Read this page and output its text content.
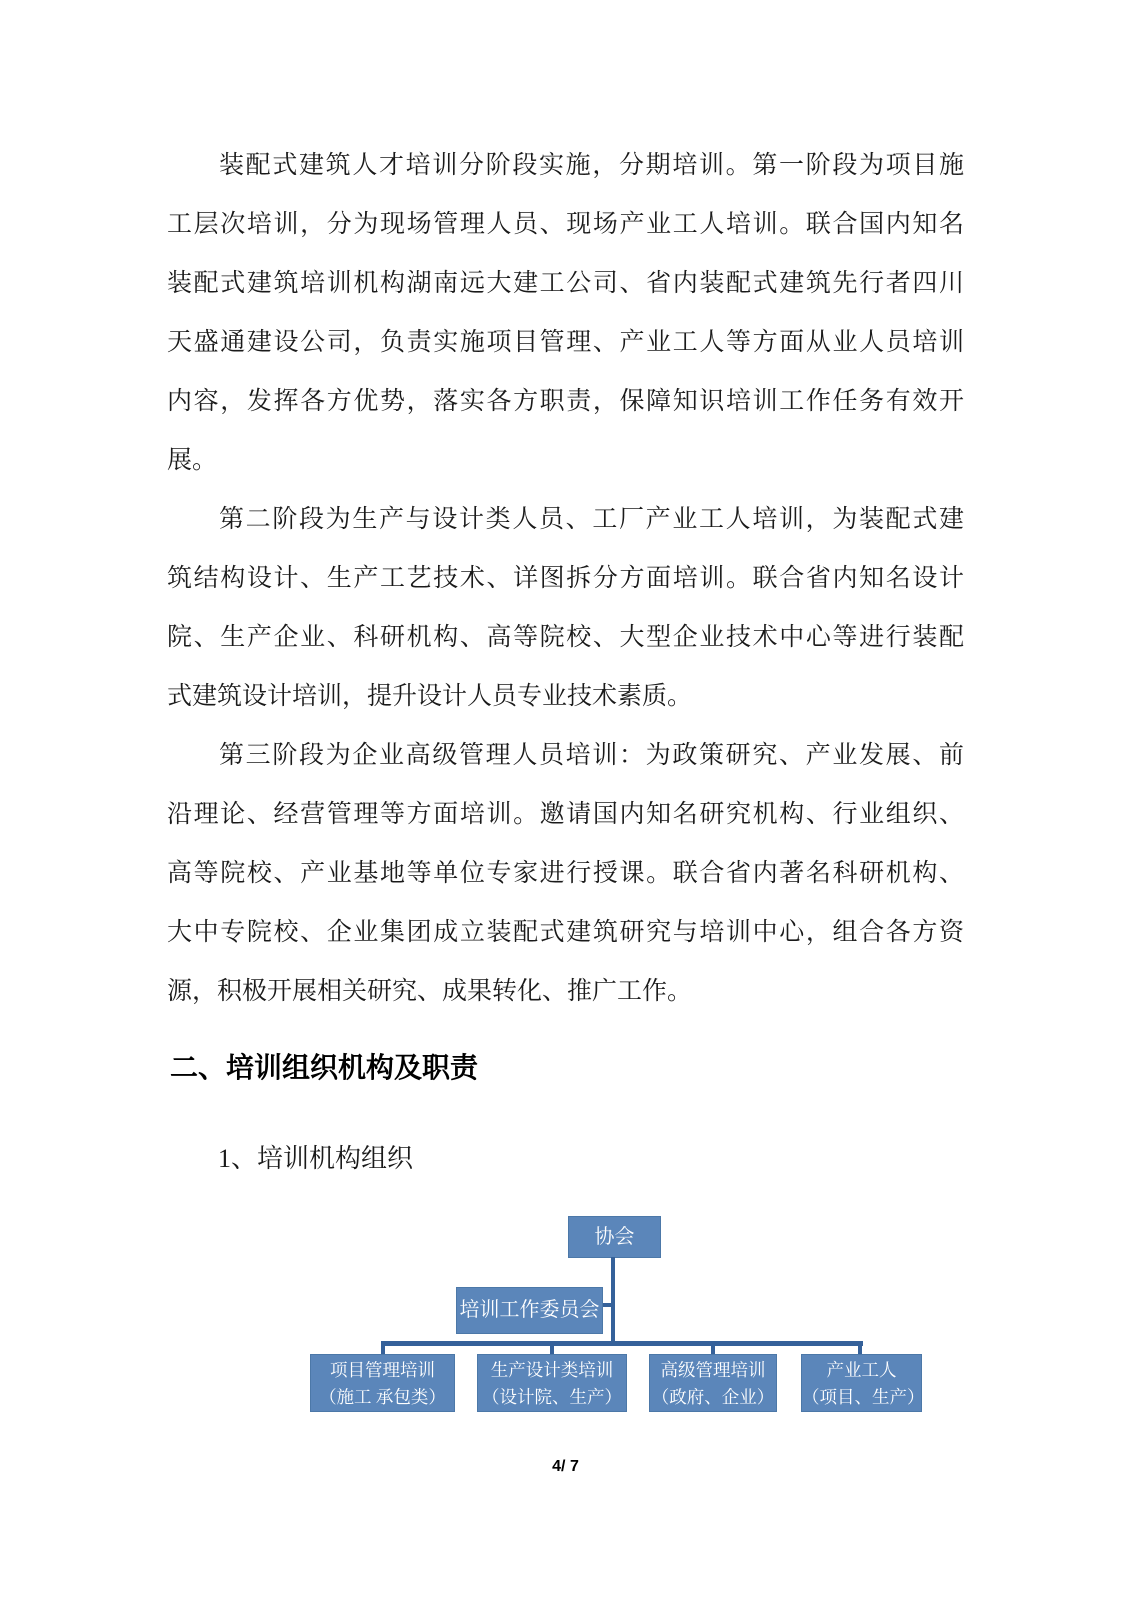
装配式建筑人才培训分阶段实施，分期培训。第一阶段为项目施
工层次培训，分为现场管理人员、现场产业工人培训。联合国内知名
装配式建筑培训机构湖南远大建工公司、省内装配式建筑先行者四川
天盛通建设公司，负责实施项目管理、产业工人等方面从业人员培训
内容，发挥各方优势，落实各方职责，保障知识培训工作任务有效开
展。
第二阶段为生产与设计类人员、工厂产业工人培训，为装配式建
筑结构设计、生产工艺技术、详图拆分方面培训。联合省内知名设计
院、生产企业、科研机构、高等院校、大型企业技术中心等进行装配
式建筑设计培训，提升设计人员专业技术素质。
第三阶段为企业高级管理人员培训：为政策研究、产业发展、前
沿理论、经营管理等方面培训。邀请国内知名研究机构、行业组织、
高等院校、产业基地等单位专家进行授课。联合省内著名科研机构、
大中专院校、企业集团成立装配式建筑研究与培训中心，组合各方资
源，积极开展相关研究、成果转化、推广工作。
二、培训组织机构及职责
1、培训机构组织
协会
培训工作委员会
项目管理培训
（施工 承包类）
生产设计类培训
（设计院、生产）
高级管理培训
（政府、企业）
产业工人
（项目、生产）
4/ 7
